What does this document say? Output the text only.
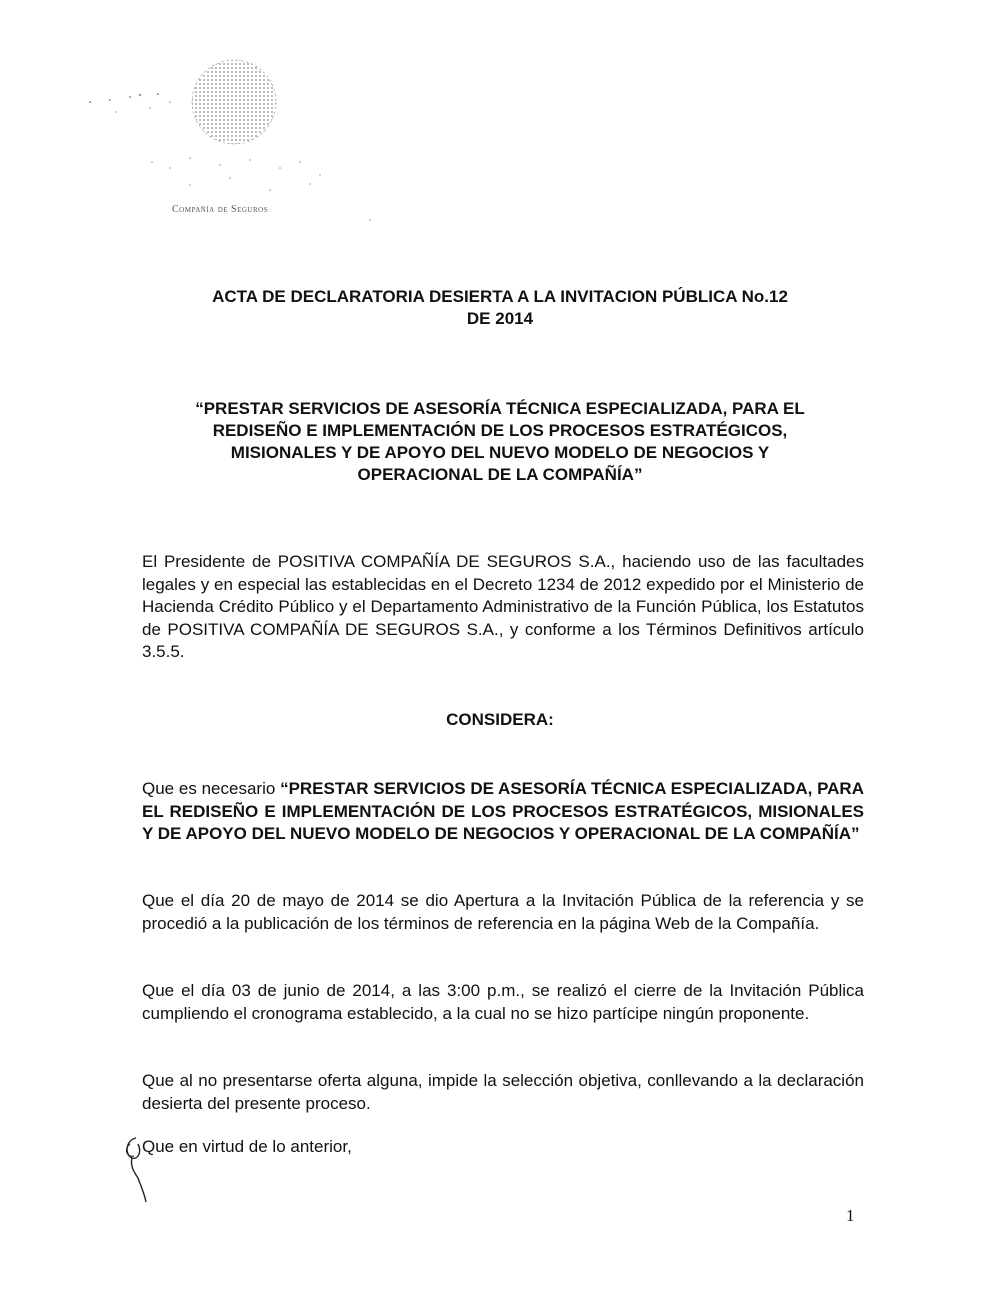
Compañía de Seguros
ACTA DE DECLARATORIA DESIERTA A LA INVITACION PÚBLICA No.12
DE 2014
“PRESTAR SERVICIOS DE ASESORÍA TÉCNICA ESPECIALIZADA, PARA EL
REDISEÑO E IMPLEMENTACIÓN DE LOS PROCESOS ESTRATÉGICOS,
MISIONALES Y DE APOYO DEL NUEVO MODELO DE NEGOCIOS Y
OPERACIONAL DE LA COMPAÑÍA”
El Presidente de POSITIVA COMPAÑÍA DE SEGUROS S.A., haciendo uso de las facultades legales y en especial las establecidas en el Decreto 1234 de 2012 expedido por el Ministerio de Hacienda Crédito Público y el Departamento Administrativo de la Función Pública, los Estatutos de POSITIVA COMPAÑÍA DE SEGUROS S.A., y conforme a los Términos Definitivos artículo 3.5.5.
CONSIDERA:
Que es necesario “PRESTAR SERVICIOS DE ASESORÍA TÉCNICA ESPECIALIZADA, PARA EL REDISEÑO E IMPLEMENTACIÓN DE LOS PROCESOS ESTRATÉGICOS, MISIONALES Y DE APOYO DEL NUEVO MODELO DE NEGOCIOS Y OPERACIONAL DE LA COMPAÑÍA”
Que el día 20 de mayo de 2014 se dio Apertura a la Invitación Pública de la referencia y se procedió a la publicación de los términos de referencia en la página Web de la Compañía.
Que el día 03 de junio de 2014, a las 3:00 p.m., se realizó el cierre de la Invitación Pública cumpliendo el cronograma establecido, a la cual no se hizo partícipe ningún proponente.
Que al no presentarse oferta alguna, impide la selección objetiva, conllevando a la declaración desierta del presente proceso.
Que en virtud de lo anterior,
1
